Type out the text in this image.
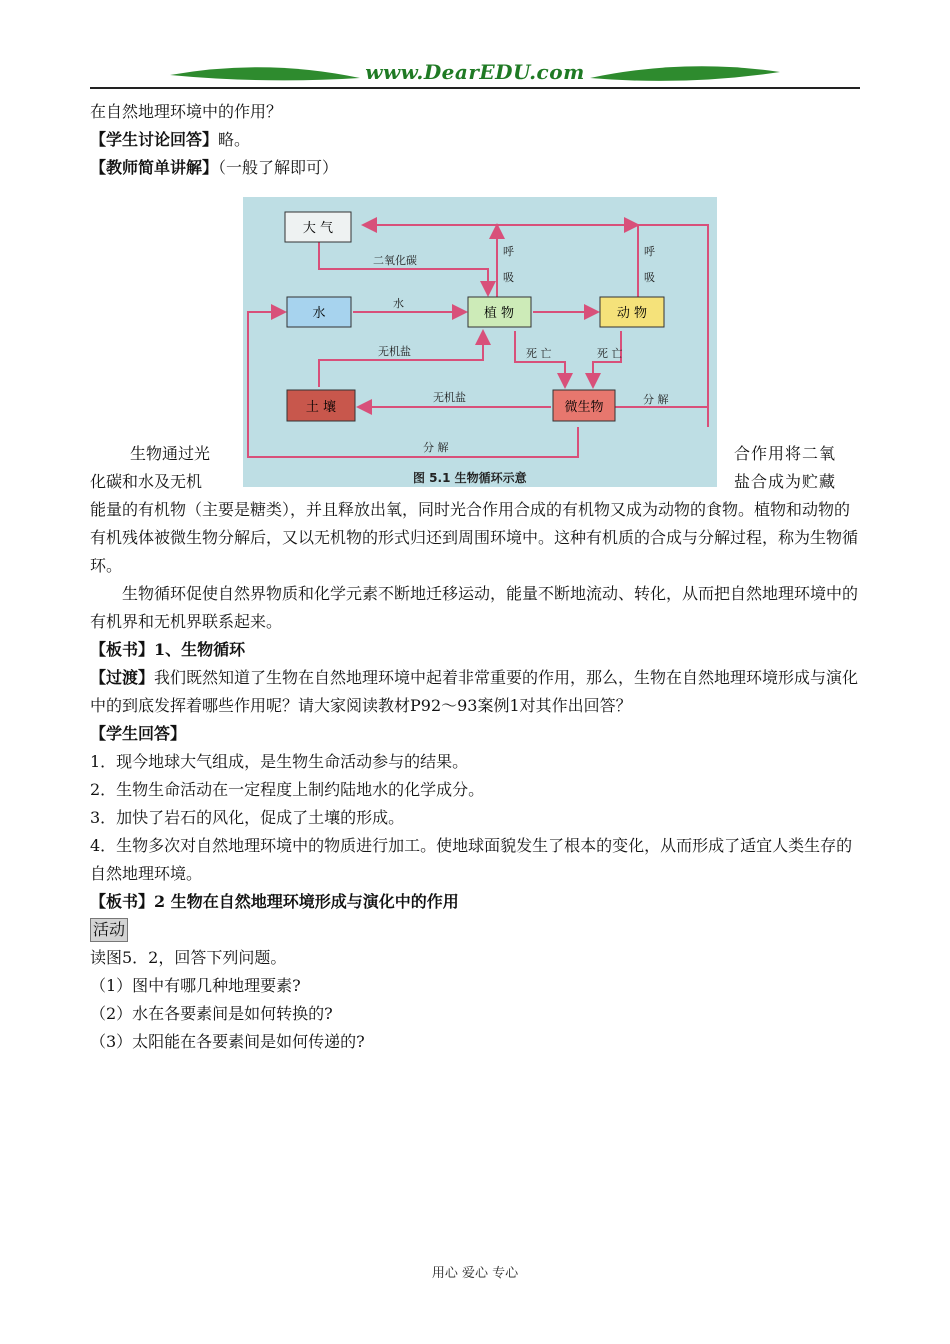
www.DearEDU.com

在自然地理环境中的作用？

【学生讨论回答】略。

【教师简单讲解】（一般了解即可）

大 气
水	植 物	动 物
土 壤	微生物
二氧化碳
水
呼
吸
呼
吸
无机盐
无机盐
死 亡	死 亡
分 解
分 解
图 5.1 生物循环示意
生物通过光	合作用将二氧
化碳和水及无机	盐合成为贮藏

能量的有机物（主要是糖类），并且释放出氧，同时光合作用合成的有机物又成为动物的食物。植物和动物的有机残体被微生物分解后，又以无机物的形式归还到周围环境中。这种有机质的合成与分解过程，称为生物循环。

生物循环促使自然界物质和化学元素不断地迁移运动，能量不断地流动、转化，从而把自然地理环境中的有机界和无机界联系起来。

【板书】1、生物循环

【过渡】我们既然知道了生物在自然地理环境中起着非常重要的作用，那么，生物在自然地理环境形成与演化中的到底发挥着哪些作用呢？请大家阅读教材P92～93案例1对其作出回答？

【学生回答】

1．现今地球大气组成，是生物生命活动参与的结果。

2．生物生命活动在一定程度上制约陆地水的化学成分。

3．加快了岩石的风化，促成了土壤的形成。

4．生物多次对自然地理环境中的物质进行加工。使地球面貌发生了根本的变化，从而形成了适宜人类生存的自然地理环境。

【板书】2 生物在自然地理环境形成与演化中的作用

活动

读图5．2，回答下列问题。

（1）图中有哪几种地理要素?

（2）水在各要素间是如何转换的?

（3）太阳能在各要素间是如何传递的?

用心 爱心 专心
